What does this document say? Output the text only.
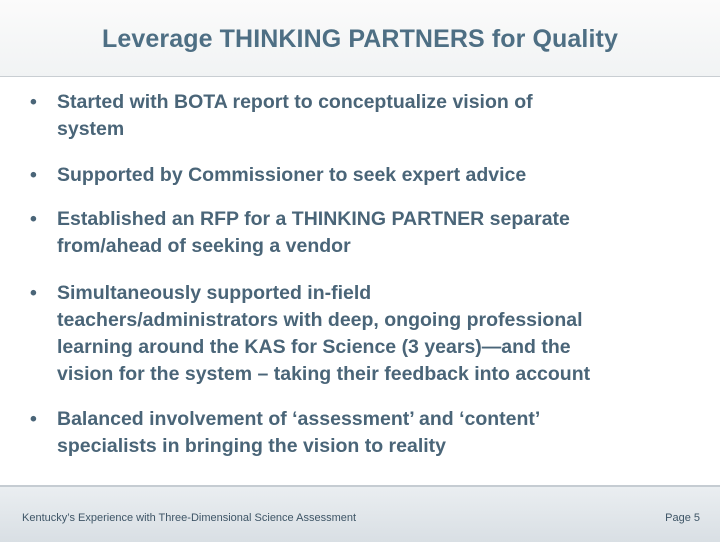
Leverage THINKING PARTNERS for Quality
• Started with BOTA report to conceptualize vision of
system
• Supported by Commissioner to seek expert advice
• Established an RFP for a THINKING PARTNER separate
from/ahead of seeking a vendor
• Simultaneously supported in-field
teachers/administrators with deep, ongoing professional
learning around the KAS for Science (3 years)—and the
vision for the system – taking their feedback into account
• Balanced involvement of ‘assessment’ and ‘content’
specialists in bringing the vision to reality
Kentucky’s Experience with Three-Dimensional Science Assessment	Page 5
